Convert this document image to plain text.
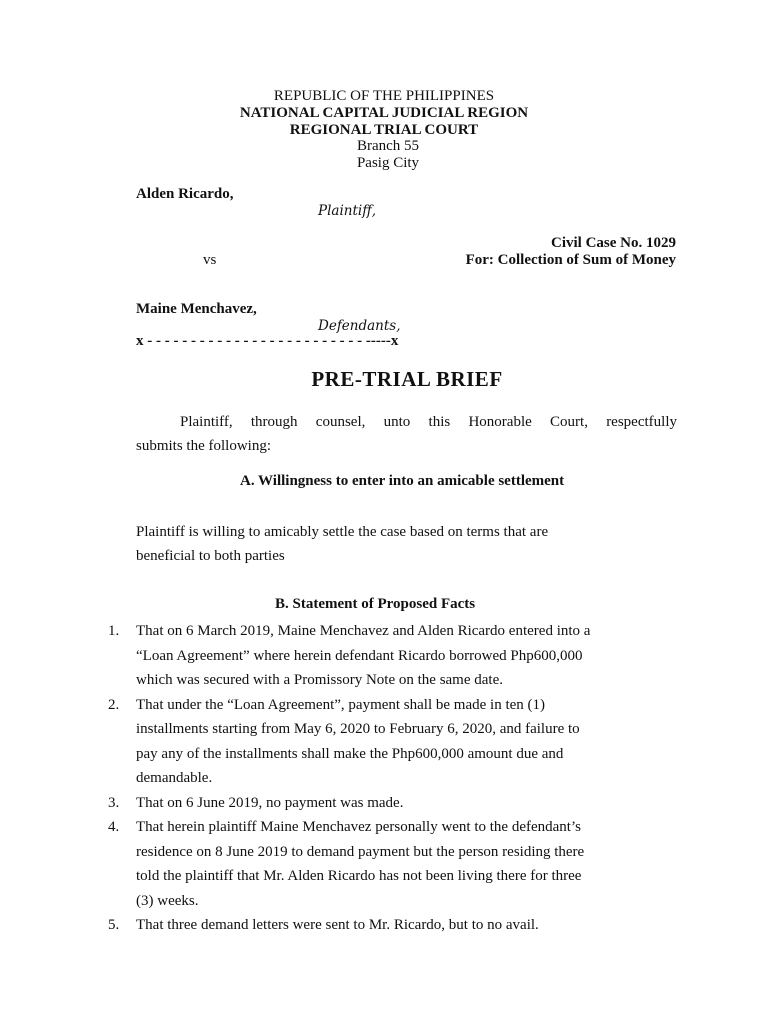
REPUBLIC OF THE PHILIPPINES
NATIONAL CAPITAL JUDICIAL REGION
REGIONAL TRIAL COURT
Branch 55
Pasig City
Alden Ricardo,
Plaintiff,
Civil Case No. 1029
vs	For: Collection of Sum of Money
Maine Menchavez,
Defendants,
x - - - - - - - - - - - - - - - - - - - - - - - - - -----x
PRE-TRIAL BRIEF
Plaintiff, through counsel, unto this Honorable Court, respectfully
submits the following:
A. Willingness to enter into an amicable settlement
Plaintiff is willing to amicably settle the case based on terms that are
beneficial to both parties
B. Statement of Proposed Facts
1. That on 6 March 2019, Maine Menchavez and Alden Ricardo entered into a
“Loan Agreement” where herein defendant Ricardo borrowed Php600,000
which was secured with a Promissory Note on the same date.
2. That under the “Loan Agreement”, payment shall be made in ten (1)
installments starting from May 6, 2020 to February 6, 2020, and failure to
pay any of the installments shall make the Php600,000 amount due and
demandable.
3. That on 6 June 2019, no payment was made.
4. That herein plaintiff Maine Menchavez personally went to the defendant’s
residence on 8 June 2019 to demand payment but the person residing there
told the plaintiff that Mr. Alden Ricardo has not been living there for three
(3) weeks.
5. That three demand letters were sent to Mr. Ricardo, but to no avail.
